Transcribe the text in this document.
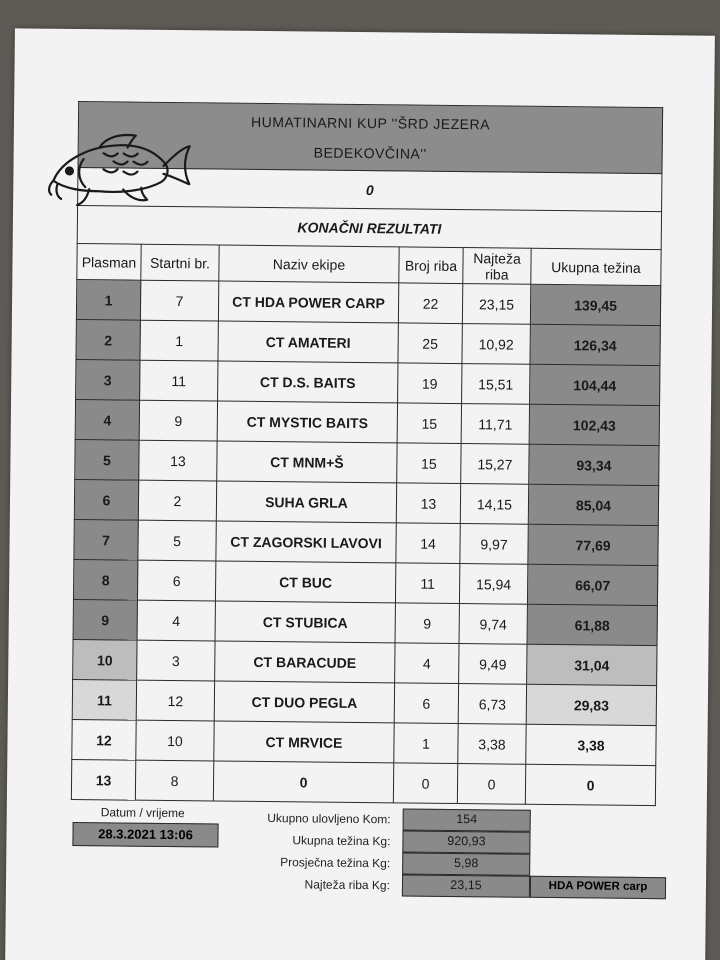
HUMATINARNI KUP ''ŠRD JEZERA
BEDEKOVČINA''					

0					
KONAČNI REZULTATI					
Plasman	Startni br.	Naziv ekipe	Broj riba	Najteža riba	Ukupna težina
1	7	CT HDA POWER CARP	22	23,15	139,45
2	1	CT AMATERI	25	10,92	126,34
3	11	CT D.S. BAITS	19	15,51	104,44
4	9	CT MYSTIC BAITS	15	11,71	102,43
5	13	CT MNM+Š	15	15,27	93,34
6	2	SUHA GRLA	13	14,15	85,04
7	5	CT ZAGORSKI LAVOVI	14	9,97	77,69
8	6	CT BUC	11	15,94	66,07
9	4	CT STUBICA	9	9,74	61,88
10	3	CT BARACUDE	4	9,49	31,04
11	12	CT DUO PEGLA	6	6,73	29,83
12	10	CT MRVICE	1	3,38	3,38
13	8	0	0	0	0
Datum / vrijeme
28.3.2021 13:06
Ukupno ulovljeno Kom:	154
Ukupna težina Kg:	920,93
Prosječna težina Kg:	5,98
Najteža riba Kg:	23,15	HDA POWER carp
